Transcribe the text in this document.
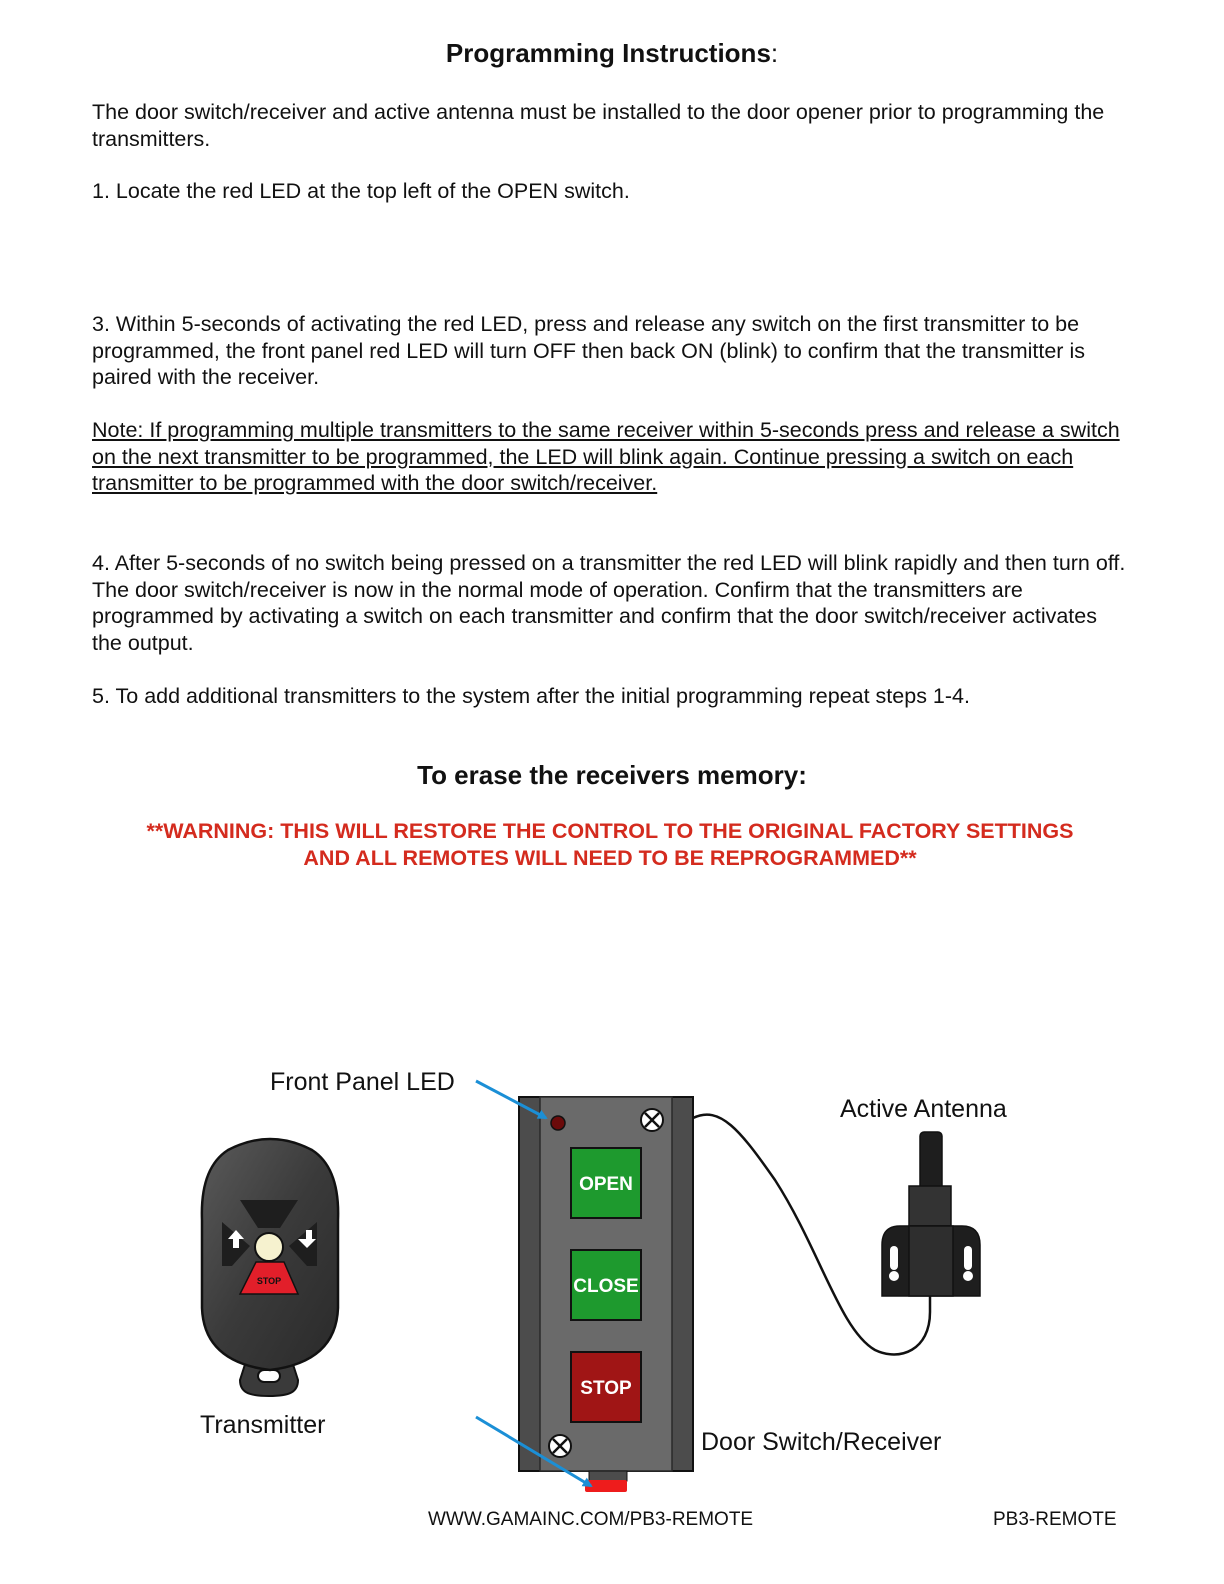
Programming Instructions:

The door switch/receiver and active antenna must be installed to the door opener prior to programming the transmitters.

1. Locate the red LED at the top left of the OPEN switch.

3. Within 5-seconds of activating the red LED, press and release any switch on the first transmitter to be programmed, the front panel red LED will turn OFF then back ON (blink) to confirm that the transmitter is paired with the receiver.

Note: If programming multiple transmitters to the same receiver within 5-seconds press and release a switch on the next transmitter to be programmed, the LED will blink again. Continue pressing a switch on each transmitter to be programmed with the door switch/receiver.

4. After 5-seconds of no switch being pressed on a transmitter the red LED will blink rapidly and then turn off. The door switch/receiver is now in the normal mode of operation. Confirm that the transmitters are programmed by activating a switch on each transmitter and confirm that the door switch/receiver activates the output.

5. To add additional transmitters to the system after the initial programming repeat steps 1-4.

To erase the receivers memory:

**WARNING: THIS WILL RESTORE THE CONTROL TO THE ORIGINAL FACTORY SETTINGS AND ALL REMOTES WILL NEED TO BE REPROGRAMMED**

Front Panel LED
Active Antenna
Transmitter
Door Switch/Receiver
STOP
OPEN
CLOSE
STOP
WWW.GAMAINC.COM/PB3-REMOTE	PB3-REMOTE
